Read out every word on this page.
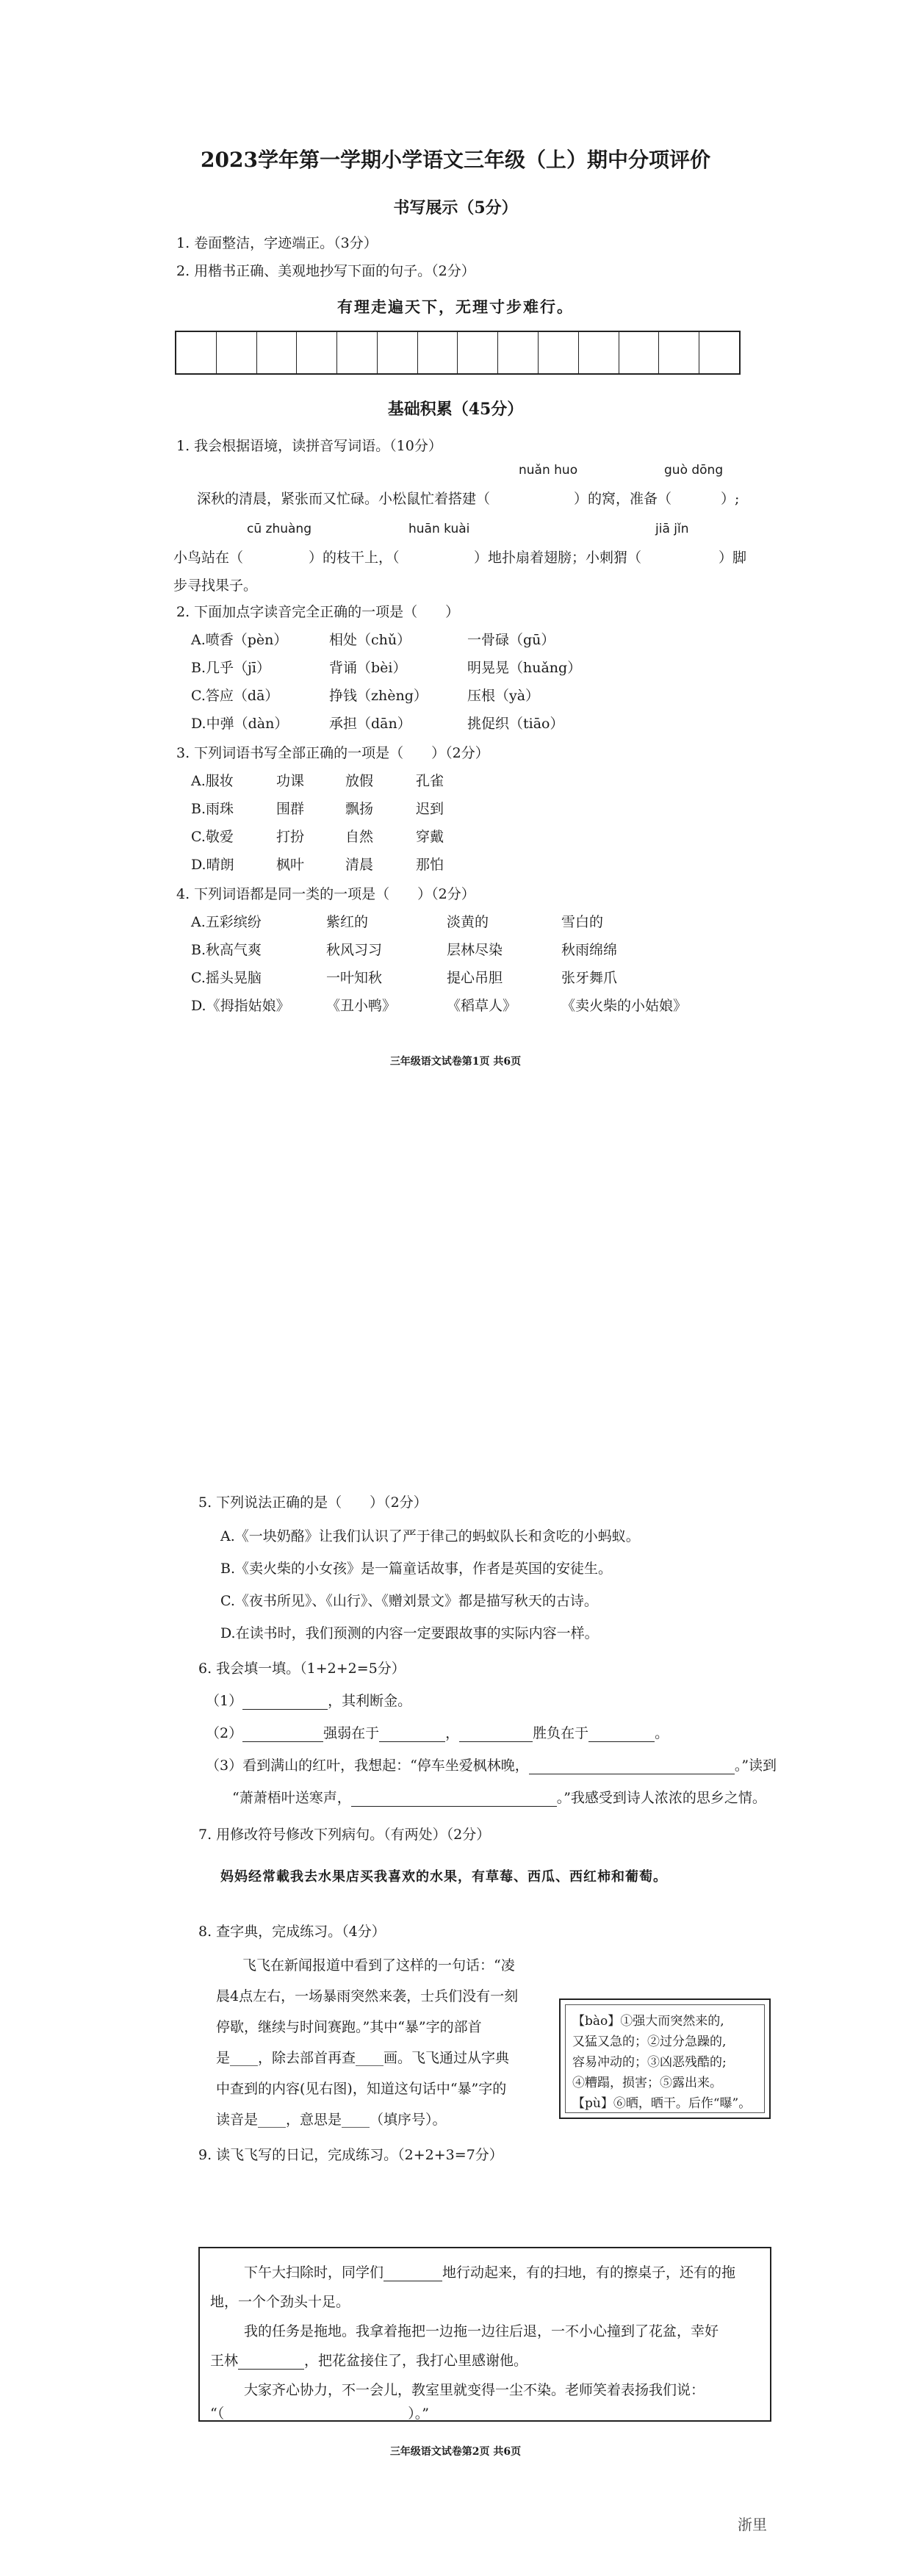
2023学年第一学期小学语文三年级（上）期中分项评价
书写展示（5分）
1. 卷面整洁，字迹端正。（3分）
2. 用楷书正确、美观地抄写下面的句子。（2分）
有理走遍天下，无理寸步难行。
基础积累（45分）
1. 我会根据语境，读拼音写词语。（10分）
nuǎn huo	guò dōng
深秋的清晨，紧张而又忙碌。小松鼠忙着搭建（	）的窝，准备（	）;
cū zhuàng	huān kuài	jiā jǐn
小鸟站在（	）的枝干上，（	）地扑扇着翅膀；小刺猬（	）脚
步寻找果子。
2. 下面加点字读音完全正确的一项是（　　）
A.喷香（pèn）	相处（chǔ）	一骨碌（gū）
B.几乎（jī）	背诵（bèi）	明晃晃（huǎng）
C.答应（dā）	挣钱（zhèng）	压根（yà）
D.中弹（dàn）	承担（dān）	挑促织（tiāo）
3. 下列词语书写全部正确的一项是（　　）（2分）
A.服妆	功课	放假	孔雀
B.雨珠	围群	飘扬	迟到
C.敬爱	打扮	自然	穿戴
D.晴朗	枫叶	清晨	那怕
4. 下列词语都是同一类的一项是（　　）（2分）
A.五彩缤纷	紫红的	淡黄的	雪白的
B.秋高气爽	秋风习习	层林尽染	秋雨绵绵
C.摇头晃脑	一叶知秋	提心吊胆	张牙舞爪
D.《拇指姑娘》	《丑小鸭》	《稻草人》	《卖火柴的小姑娘》
三年级语文试卷第1页 共6页
5. 下列说法正确的是（　　）（2分）
A.《一块奶酪》让我们认识了严于律己的蚂蚁队长和贪吃的小蚂蚁。
B.《卖火柴的小女孩》是一篇童话故事，作者是英国的安徒生。
C.《夜书所见》、《山行》、《赠刘景文》都是描写秋天的古诗。
D.在读书时，我们预测的内容一定要跟故事的实际内容一样。
6. 我会填一填。（1+2+2=5分）
（1）	，其利断金。
（2）	强弱在于	，	胜负在于	。
（3）看到满山的红叶，我想起：“停车坐爱枫林晚，	。”读到
“萧萧梧叶送寒声，	。”我感受到诗人浓浓的思乡之情。
7. 用修改符号修改下列病句。（有两处）（2分）
妈妈经常載我去水果店买我喜欢的水果，有草莓、西瓜、西红柿和葡萄。
8. 查字典，完成练习。（4分）
飞飞在新闻报道中看到了这样的一句话：“凌
晨4点左右，一场暴雨突然来袭，士兵们没有一刻
停歇，继续与时间赛跑。”其中“暴”字的部首
是____，除去部首再查____画。飞飞通过从字典
中查到的内容(见右图)，知道这句话中“暴”字的
读音是____，意思是____（填序号）。
【bào】①强大而突然来的,
又猛又急的；②过分急躁的,
容易冲动的；③凶恶残酷的;
④糟蹋，损害；⑤露出来。
【pù】⑥晒，晒干。后作“曝”。
9. 读飞飞写的日记，完成练习。（2+2+3=7分）
下午大扫除时，同学们	地行动起来，有的扫地，有的擦桌子，还有的拖
地，一个个劲头十足。
我的任务是拖地。我拿着拖把一边拖一边往后退，一不小心撞到了花盆，幸好
王林	，把花盆接住了，我打心里感谢他。
大家齐心协力，不一会儿，教室里就变得一尘不染。老师笑着表扬我们说：
“（	）。”
三年级语文试卷第2页 共6页
浙里
